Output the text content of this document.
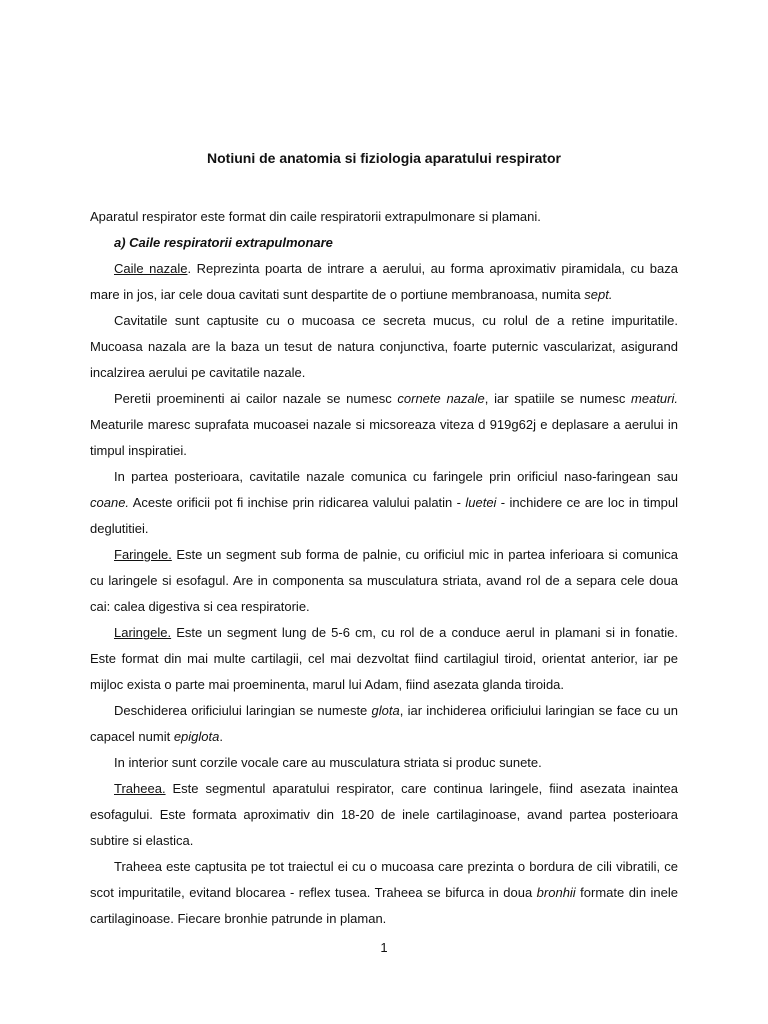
Notiuni de anatomia si fiziologia aparatului respirator

Aparatul respirator este format din caile respiratorii extrapulmonare si plamani.

a) Caile respiratorii extrapulmonare

Caile nazale. Reprezinta poarta de intrare a aerului, au forma aproximativ piramidala, cu baza mare in jos, iar cele doua cavitati sunt despartite de o portiune membranoasa, numita sept.

Cavitatile sunt captusite cu o mucoasa ce secreta mucus, cu rolul de a retine impuritatile. Mucoasa nazala are la baza un tesut de natura conjunctiva, foarte puternic vascularizat, asigurand incalzirea aerului pe cavitatile nazale.

Peretii proeminenti ai cailor nazale se numesc cornete nazale, iar spatiile se numesc meaturi. Meaturile maresc suprafata mucoasei nazale si micsoreaza viteza d 919g62j e deplasare a aerului in timpul inspiratiei.

In partea posterioara, cavitatile nazale comunica cu faringele prin orificiul naso-faringean sau coane. Aceste orificii pot fi inchise prin ridicarea valului palatin - luetei - inchidere ce are loc in timpul deglutitiei.

Faringele. Este un segment sub forma de palnie, cu orificiul mic in partea inferioara si comunica cu laringele si esofagul. Are in componenta sa musculatura striata, avand rol de a separa cele doua cai: calea digestiva si cea respiratorie.

Laringele. Este un segment lung de 5-6 cm, cu rol de a conduce aerul in plamani si in fonatie. Este format din mai multe cartilagii, cel mai dezvoltat fiind cartilagiul tiroid, orientat anterior, iar pe mijloc exista o parte mai proeminenta, marul lui Adam, fiind asezata glanda tiroida.

Deschiderea orificiului laringian se numeste glota, iar inchiderea orificiului laringian se face cu un capacel numit epiglota.

In interior sunt corzile vocale care au musculatura striata si produc sunete.

Traheea. Este segmentul aparatului respirator, care continua laringele, fiind asezata inaintea esofagului. Este formata aproximativ din 18-20 de inele cartilaginoase, avand partea posterioara subtire si elastica.

Traheea este captusita pe tot traiectul ei cu o mucoasa care prezinta o bordura de cili vibratili, ce scot impuritatile, evitand blocarea - reflex tusea. Traheea se bifurca in doua bronhii formate din inele cartilaginoase. Fiecare bronhie patrunde in plaman.

1
